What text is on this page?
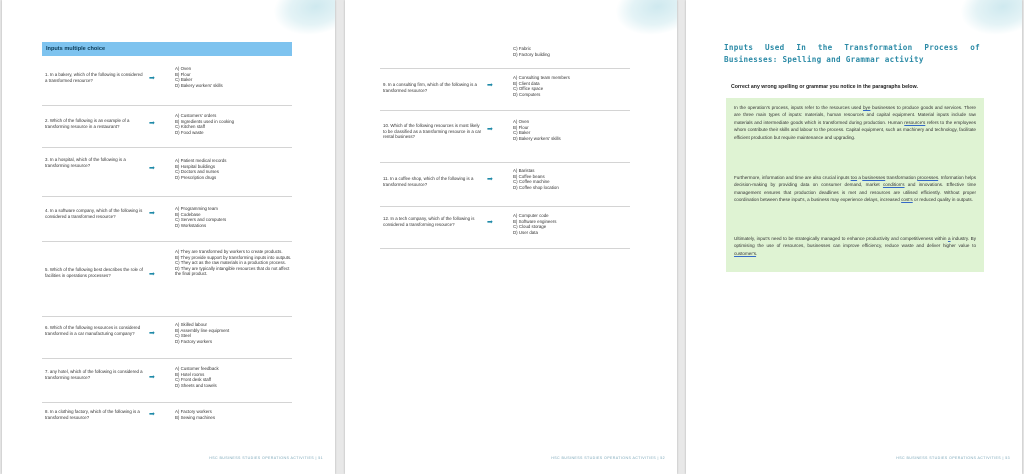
Inputs multiple choice
1. In a bakery, which of the following is considered a transformed resource?	➡
A) Oven
B) Flour
C) Baker
D) Bakery workers' skills
2. Which of the following is an example of a transforming resource in a restaurant?	➡
A) Customers' orders
B) Ingredients used in cooking
C) Kitchen staff
D) Food waste
3. In a hospital, which of the following is a transforming resource?	➡
A) Patient medical records
B) Hospital buildings
C) Doctors and nurses
D) Prescription drugs
4. In a software company, which of the following is considered a transformed resource?	➡
A) Programming team
B) Codebase
C) Servers and computers
D) Workstations
5. Which of the following best describes the role of facilities in operations processes?	➡
A) They are transformed by workers to create products.
B) They provide support by transforming inputs into outputs.
C) They act as the raw materials in a production process.
D) They are typically intangible resources that do not affect the final product.
6. Which of the following resources is considered transformed in a car manufacturing company?	➡
A) Skilled labour
B) Assembly line equipment
C) Steel
D) Factory workers
7. any hotel, which of the following is considered a transforming resource?	➡
A) Customer feedback
B) Hotel rooms
C) Front desk staff
D) Sheets and towels
8. In a clothing factory, which of the following is a transformed resource?	➡	A) Factory workers
B) Sewing machines
HSC BUSINESS STUDIES OPERATIONS ACTIVITIES | 51
C) Fabric
D) Factory building
9. In a consulting firm, which of the following is a transformed resource?
➡
A) Consulting team members
B) Client data
C) Office space
D) Computers
10. Which of the following resources is most likely to be classified as a transforming resource in a car rental business?
➡
A) Oven
B) Flour
C) Baker
D) Bakery workers' skills
11. In a coffee shop, which of the following is a transformed resource?
➡
A) Baristas
B) Coffee beans
C) Coffee machine
D) Coffee shop location
12. In a tech company, which of the following is considered a transforming resource?	➡
A) Computer code
B) Software engineers
C) Cloud storage
D) User data
HSC BUSINESS STUDIES OPERATIONS ACTIVITIES | 52
Inputs Used In the Transformation Process of Businesses: Spelling and Grammar activity
Correct any wrong spelling or grammar you notice in the paragraphs below.
In the operation's process, inputs refer to the resources used bye businesses to produce goods and services. There are three main types of inputs: materials, human resources and capital equipment. Material inputs include raw materials and intermediate goods which is transformed during production. Human resource's refers to the employees whom contribute their skills and labour to the process. Capital equipment, such as machinery and technology, facilitate efficient production but require maintenance and upgrading.
Furthermore, information and time are also crucial inputs too a businesses transformation processes. Information helps decision-making by providing data on consumer demand, market condition's and innovations. Effective time management ensures that production deadlines is met and resources are utilised efficiently. Without proper coordination between these input's, a business may experience delays, increased cost's or reduced quality in outputs.
Ultimately, input's need to be strategically managed to enhance productivity and competitiveness within a industry. By optimising the use of resources, businesses can improve efficiency, reduce waste and deliver higher value to customer's.
HSC BUSINESS STUDIES OPERATIONS ACTIVITIES | 53
